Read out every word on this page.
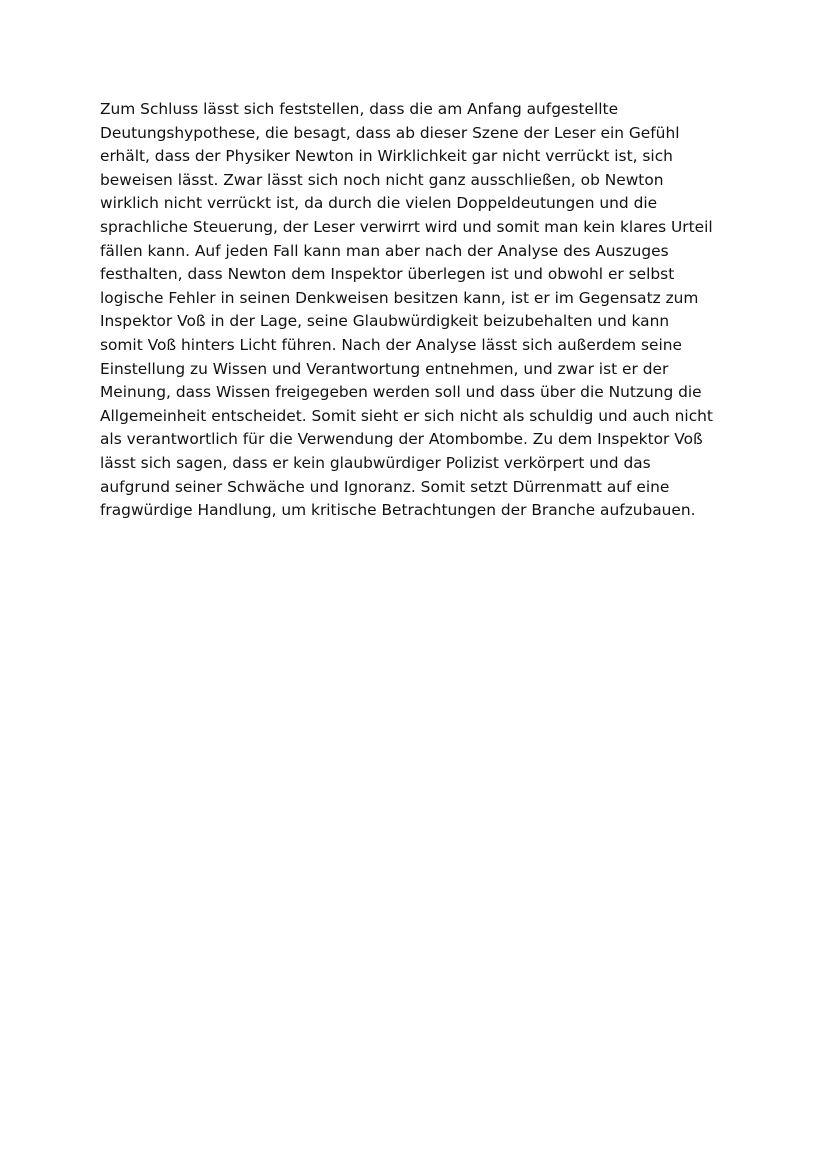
Zum Schluss lässt sich feststellen, dass die am Anfang aufgestellte
Deutungshypothese, die besagt, dass ab dieser Szene der Leser ein Gefühl
erhält, dass der Physiker Newton in Wirklichkeit gar nicht verrückt ist, sich
beweisen lässt. Zwar lässt sich noch nicht ganz ausschließen, ob Newton
wirklich nicht verrückt ist, da durch die vielen Doppeldeutungen und die
sprachliche Steuerung, der Leser verwirrt wird und somit man kein klares Urteil
fällen kann. Auf jeden Fall kann man aber nach der Analyse des Auszuges
festhalten, dass Newton dem Inspektor überlegen ist und obwohl er selbst
logische Fehler in seinen Denkweisen besitzen kann, ist er im Gegensatz zum
Inspektor Voß in der Lage, seine Glaubwürdigkeit beizubehalten und kann
somit Voß hinters Licht führen. Nach der Analyse lässt sich außerdem seine
Einstellung zu Wissen und Verantwortung entnehmen, und zwar ist er der
Meinung, dass Wissen freigegeben werden soll und dass über die Nutzung die
Allgemeinheit entscheidet. Somit sieht er sich nicht als schuldig und auch nicht
als verantwortlich für die Verwendung der Atombombe. Zu dem Inspektor Voß
lässt sich sagen, dass er kein glaubwürdiger Polizist verkörpert und das
aufgrund seiner Schwäche und Ignoranz. Somit setzt Dürrenmatt auf eine
fragwürdige Handlung, um kritische Betrachtungen der Branche aufzubauen.
